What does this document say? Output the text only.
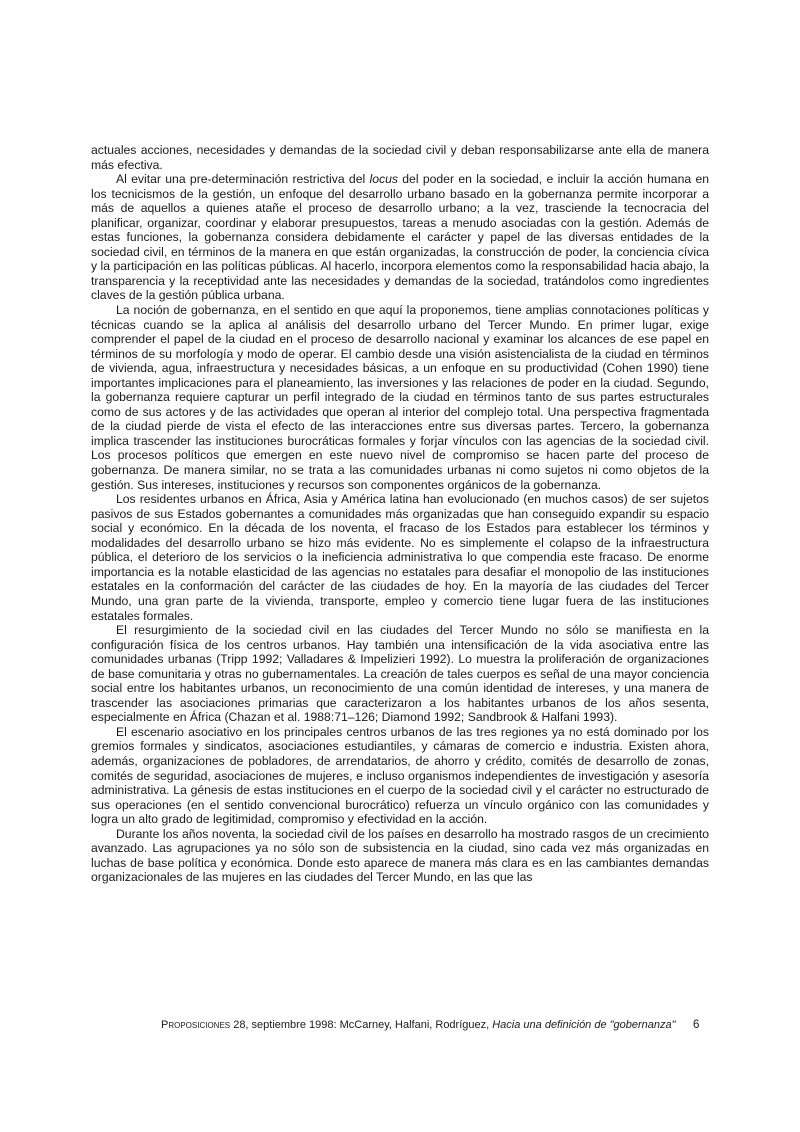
actuales acciones, necesidades y demandas de la sociedad civil y deban responsabilizarse ante ella de manera más efectiva.

Al evitar una pre-determinación restrictiva del locus del poder en la sociedad, e incluir la acción humana en los tecnicismos de la gestión, un enfoque del desarrollo urbano basado en la gobernanza permite incorporar a más de aquellos a quienes atañe el proceso de desarrollo urbano; a la vez, trasciende la tecnocracia del planificar, organizar, coordinar y elaborar presupuestos, tareas a menudo asociadas con la gestión. Además de estas funciones, la gobernanza considera debidamente el carácter y papel de las diversas entidades de la sociedad civil, en términos de la manera en que están organizadas, la construcción de poder, la conciencia cívica y la participación en las políticas públicas. Al hacerlo, incorpora elementos como la responsabilidad hacia abajo, la transparencia y la receptividad ante las necesidades y demandas de la sociedad, tratándolos como ingredientes claves de la gestión pública urbana.

La noción de gobernanza, en el sentido en que aquí la proponemos, tiene amplias connotaciones políticas y técnicas cuando se la aplica al análisis del desarrollo urbano del Tercer Mundo. En primer lugar, exige comprender el papel de la ciudad en el proceso de desarrollo nacional y examinar los alcances de ese papel en términos de su morfología y modo de operar. El cambio desde una visión asistencialista de la ciudad en términos de vivienda, agua, infraestructura y necesidades básicas, a un enfoque en su productividad (Cohen 1990) tiene importantes implicaciones para el planeamiento, las inversiones y las relaciones de poder en la ciudad. Segundo, la gobernanza requiere capturar un perfil integrado de la ciudad en términos tanto de sus partes estructurales como de sus actores y de las actividades que operan al interior del complejo total. Una perspectiva fragmentada de la ciudad pierde de vista el efecto de las interacciones entre sus diversas partes. Tercero, la gobernanza implica trascender las instituciones burocráticas formales y forjar vínculos con las agencias de la sociedad civil. Los procesos políticos que emergen en este nuevo nivel de compromiso se hacen parte del proceso de gobernanza. De manera similar, no se trata a las comunidades urbanas ni como sujetos ni como objetos de la gestión. Sus intereses, instituciones y recursos son componentes orgánicos de la gobernanza.

Los residentes urbanos en África, Asia y América latina han evolucionado (en muchos casos) de ser sujetos pasivos de sus Estados gobernantes a comunidades más organizadas que han conseguido expandir su espacio social y económico. En la década de los noventa, el fracaso de los Estados para establecer los términos y modalidades del desarrollo urbano se hizo más evidente. No es simplemente el colapso de la infraestructura pública, el deterioro de los servicios o la ineficiencia administrativa lo que compendia este fracaso. De enorme importancia es la notable elasticidad de las agencias no estatales para desafiar el monopolio de las instituciones estatales en la conformación del carácter de las ciudades de hoy. En la mayoría de las ciudades del Tercer Mundo, una gran parte de la vivienda, transporte, empleo y comercio tiene lugar fuera de las instituciones estatales formales.

El resurgimiento de la sociedad civil en las ciudades del Tercer Mundo no sólo se manifiesta en la configuración física de los centros urbanos. Hay también una intensificación de la vida asociativa entre las comunidades urbanas (Tripp 1992; Valladares & Impelizieri 1992). Lo muestra la proliferación de organizaciones de base comunitaria y otras no gubernamentales. La creación de tales cuerpos es señal de una mayor conciencia social entre los habitantes urbanos, un reconocimiento de una común identidad de intereses, y una manera de trascender las asociaciones primarias que caracterizaron a los habitantes urbanos de los años sesenta, especialmente en África (Chazan et al. 1988:71–126; Diamond 1992; Sandbrook & Halfani 1993).

El escenario asociativo en los principales centros urbanos de las tres regiones ya no está dominado por los gremios formales y sindicatos, asociaciones estudiantiles, y cámaras de comercio e industria. Existen ahora, además, organizaciones de pobladores, de arrendatarios, de ahorro y crédito, comités de desarrollo de zonas, comités de seguridad, asociaciones de mujeres, e incluso organismos independientes de investigación y asesoría administrativa. La génesis de estas instituciones en el cuerpo de la sociedad civil y el carácter no estructurado de sus operaciones (en el sentido convencional burocrático) refuerza un vínculo orgánico con las comunidades y logra un alto grado de legitimidad, compromiso y efectividad en la acción.

Durante los años noventa, la sociedad civil de los países en desarrollo ha mostrado rasgos de un crecimiento avanzado. Las agrupaciones ya no sólo son de subsistencia en la ciudad, sino cada vez más organizadas en luchas de base política y económica. Donde esto aparece de manera más clara es en las cambiantes demandas organizacionales de las mujeres en las ciudades del Tercer Mundo, en las que las

Proposiciones 28, septiembre 1998: McCarney, Halfani, Rodríguez, Hacia una definición de "gobernanza" 6
